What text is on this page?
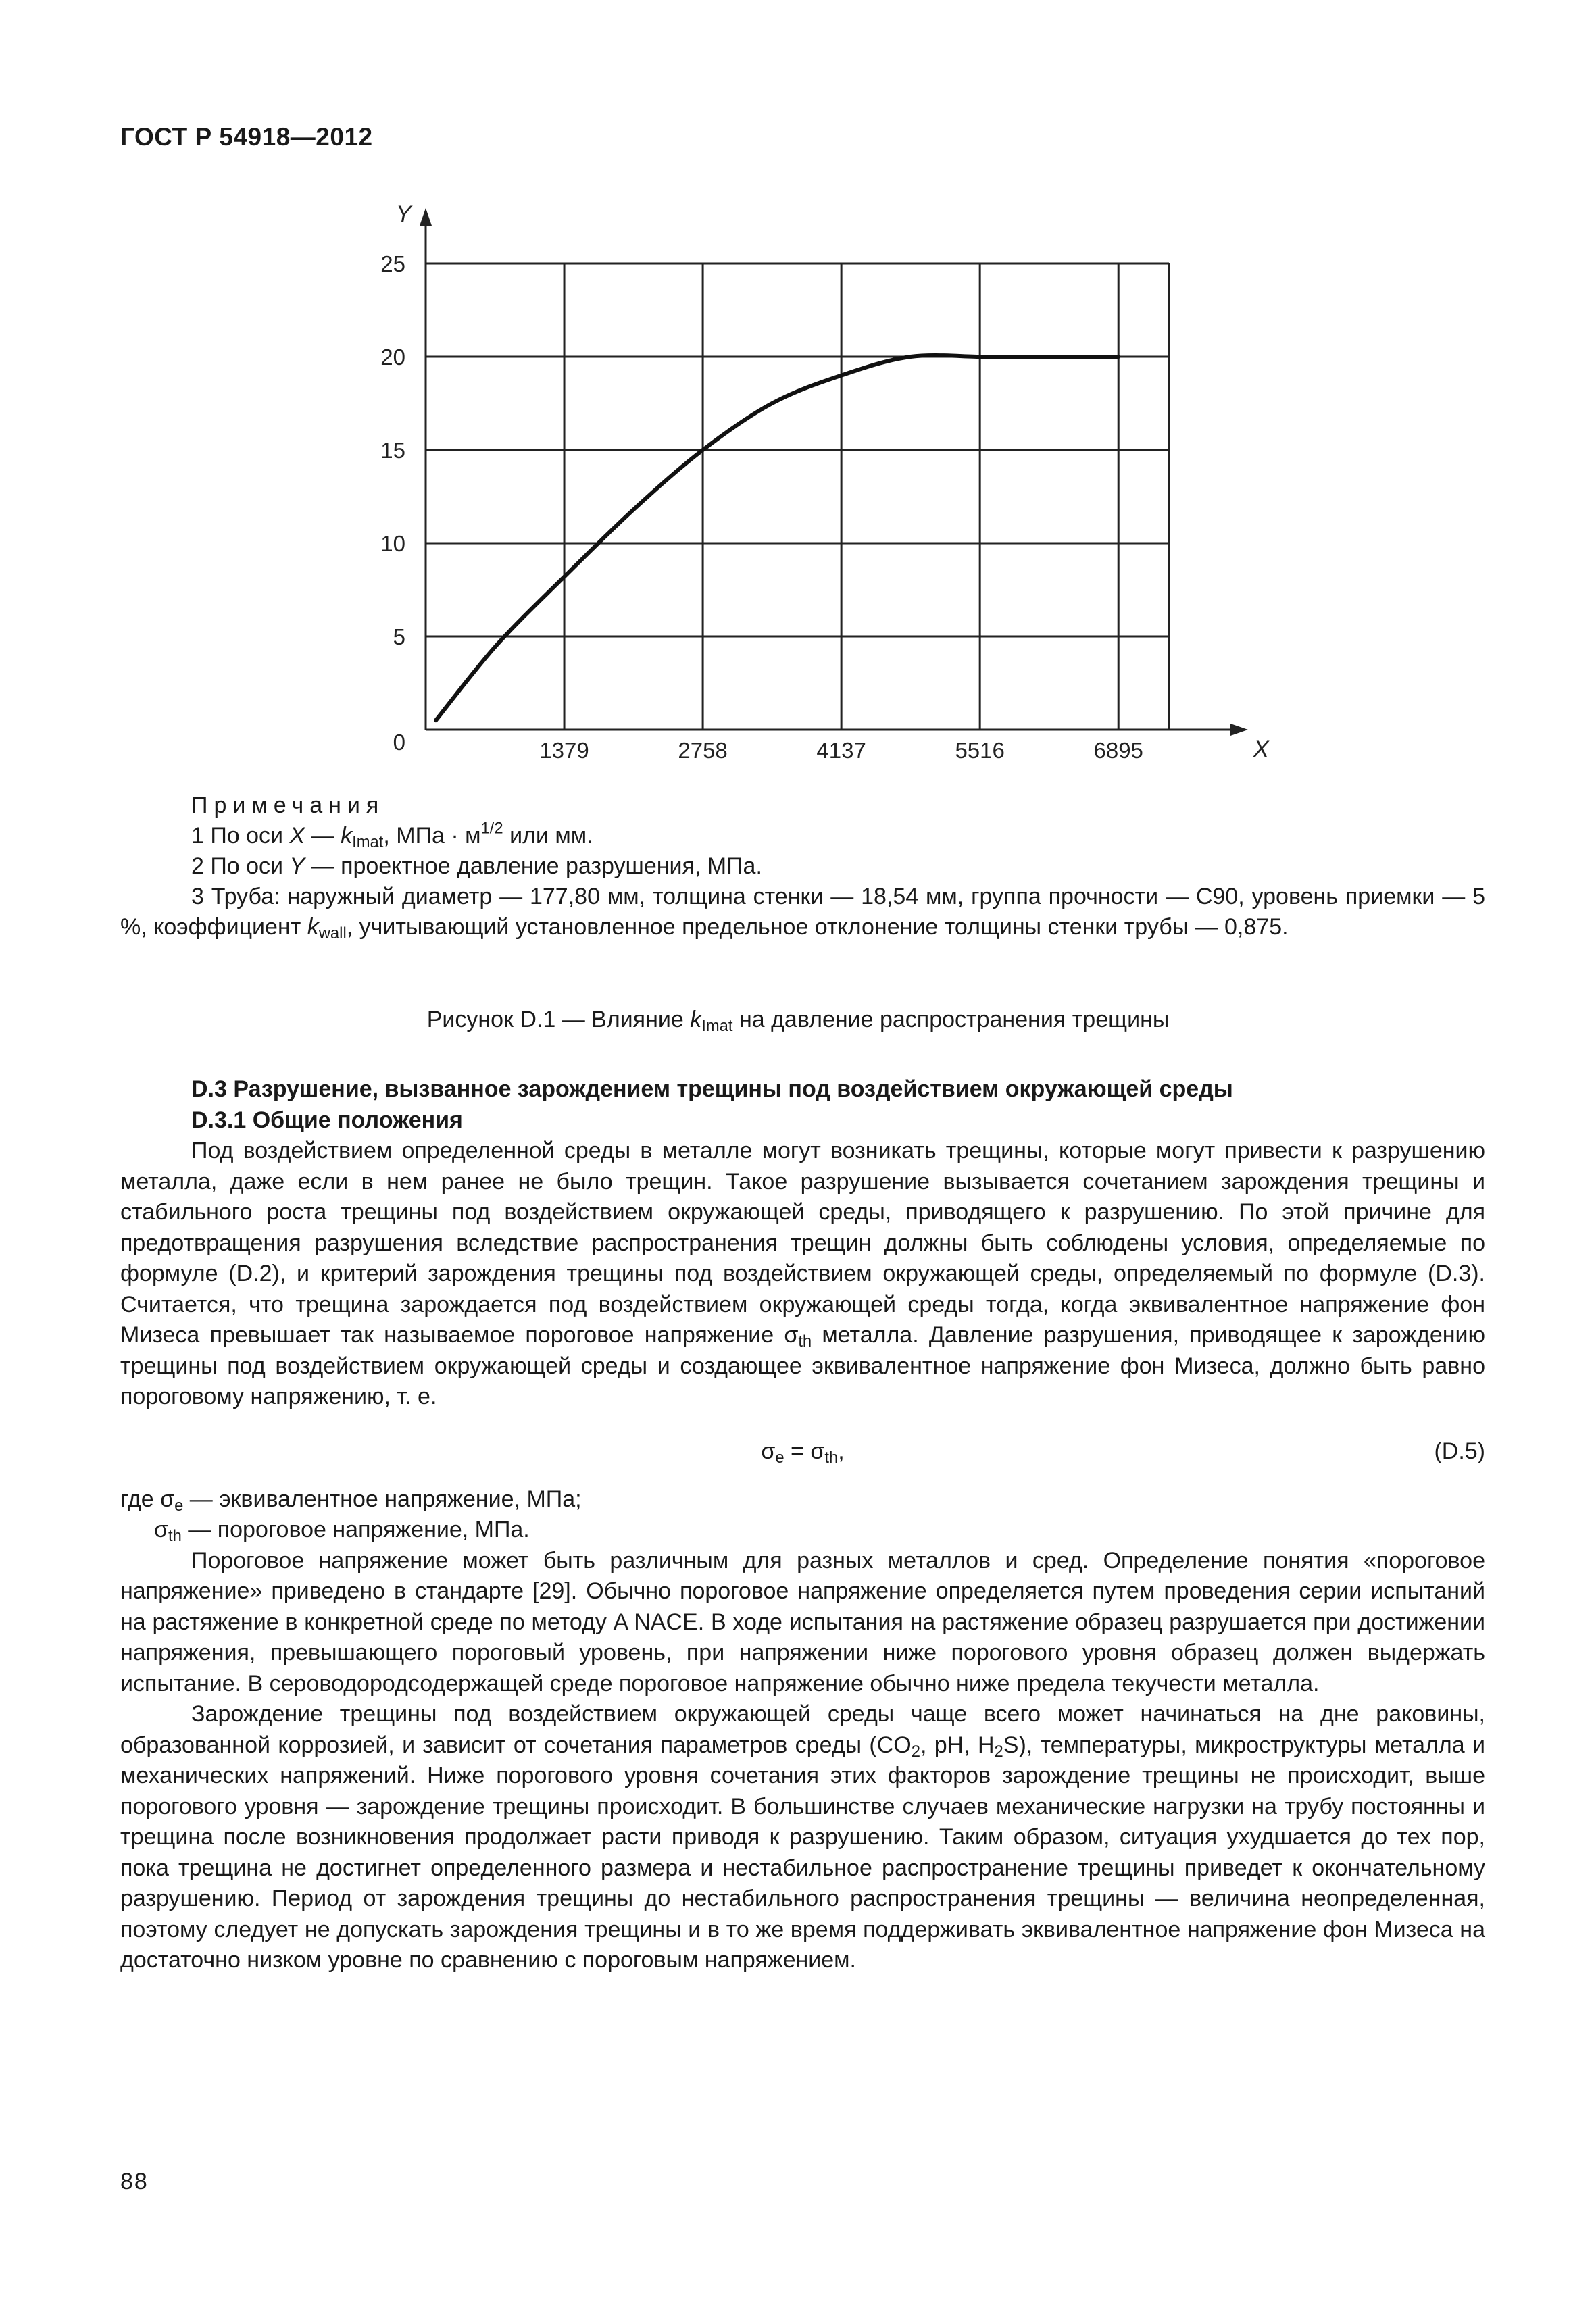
ГОСТ Р 54918—2012
X
Y
1379	2758	4137	5516	6895
0
5
10
15
20
25
Примечания
1 По оси X — $k_{Imat}$, МПа · $м^{1/2}$ или мм.
2 По оси Y — проектное давление разрушения, МПа.
3 Труба: наружный диаметр — 177,80 мм, толщина стенки — 18,54 мм, группа прочности — С90, уровень приемки — 5 %, коэффициент $k_{wall}$, учитывающий установленное предельное отклонение толщины стенки трубы — 0,875.
Рисунок D.1 — Влияние $k_{Imat}$ на давление распространения трещины
D.3 Разрушение, вызванное зарождением трещины под воздействием окружающей среды
D.3.1 Общие положения

Под воздействием определенной среды в металле могут возникать трещины, которые могут привести к разрушению металла, даже если в нем ранее не было трещин. Такое разрушение вызывается сочетанием зарождения трещины и стабильного роста трещины под воздействием окружающей среды, приводящего к разрушению. По этой причине для предотвращения разрушения вследствие распространения трещин должны быть соблюдены условия, определяемые по формуле (D.2), и критерий зарождения трещины под воздействием окружающей среды, определяемый по формуле (D.3). Считается, что трещина зарождается под воздействием окружающей среды тогда, когда эквивалентное напряжение фон Мизеса превышает так называемое пороговое напряжение $\sigma_{th}$ металла. Давление разрушения, приводящее к зарождению трещины под воздействием окружающей среды и создающее эквивалентное напряжение фон Мизеса, должно быть равно пороговому напряжению, т. е.

$\sigma_e = \sigma_{th}$,	(D.5)
где $\sigma_e$ — эквивалентное напряжение, МПа;
$\sigma_{th}$ — пороговое напряжение, МПа.

Пороговое напряжение может быть различным для разных металлов и сред. Определение понятия «пороговое напряжение» приведено в стандарте [29]. Обычно пороговое напряжение определяется путем проведения серии испытаний на растяжение в конкретной среде по методу A NACE. В ходе испытания на растяжение образец разрушается при достижении напряжения, превышающего пороговый уровень, при напряжении ниже порогового уровня образец должен выдержать испытание. В сероводородсодержащей среде пороговое напряжение обычно ниже предела текучести металла.

Зарождение трещины под воздействием окружающей среды чаще всего может начинаться на дне раковины, образованной коррозией, и зависит от сочетания параметров среды ($CO_2$, pH, $H_2S$), температуры, микроструктуры металла и механических напряжений. Ниже порогового уровня сочетания этих факторов зарождение трещины не происходит, выше порогового уровня — зарождение трещины происходит. В большинстве случаев механические нагрузки на трубу постоянны и трещина после возникновения продолжает расти приводя к разрушению. Таким образом, ситуация ухудшается до тех пор, пока трещина не достигнет определенного размера и нестабильное распространение трещины приведет к окончательному разрушению. Период от зарождения трещины до нестабильного распространения трещины — величина неопределенная, поэтому следует не допускать зарождения трещины и в то же время поддерживать эквивалентное напряжение фон Мизеса на достаточно низком уровне по сравнению с пороговым напряжением.

88
